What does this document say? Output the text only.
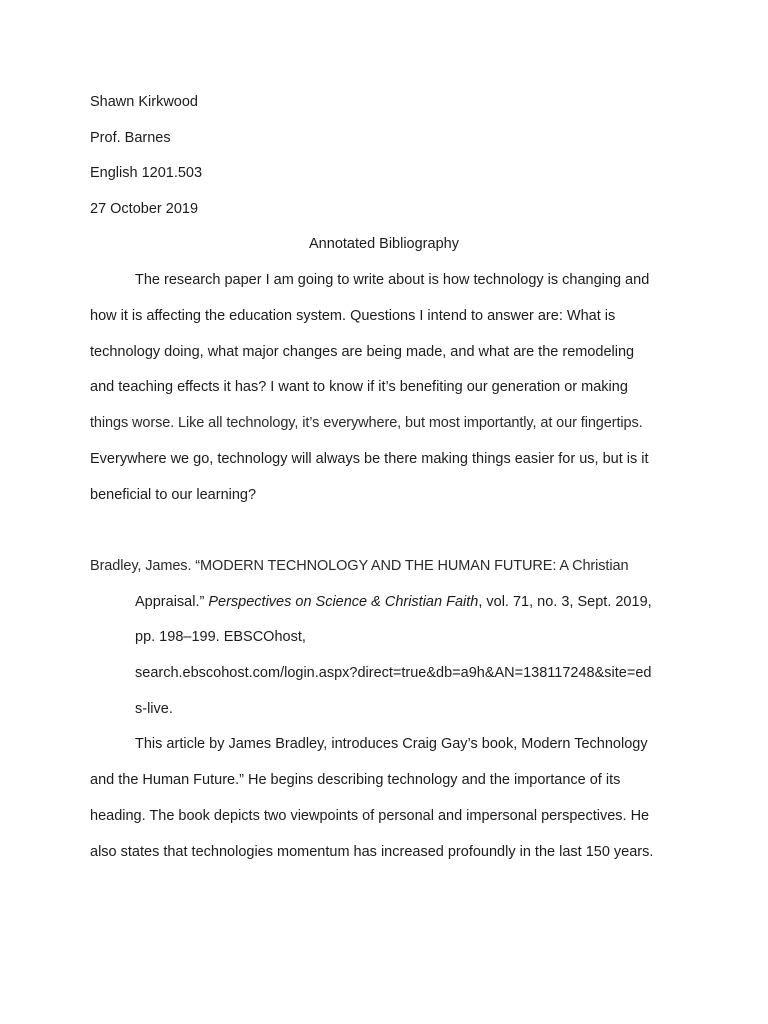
Shawn Kirkwood
Prof. Barnes
English 1201.503
27 October 2019
Annotated Bibliography
The research paper I am going to write about is how technology is changing and
how it is affecting the education system. Questions I intend to answer are: What is
technology doing, what major changes are being made, and what are the remodeling
and teaching effects it has? I want to know if it’s benefiting our generation or making
things worse. Like all technology, it’s everywhere, but most importantly, at our fingertips.
Everywhere we go, technology will always be there making things easier for us, but is it
beneficial to our learning?
Bradley, James. “MODERN TECHNOLOGY AND THE HUMAN FUTURE: A Christian
Appraisal.” Perspectives on Science & Christian Faith, vol. 71, no. 3, Sept. 2019,
pp. 198–199. EBSCOhost,
search.ebscohost.com/login.aspx?direct=true&db=a9h&AN=138117248&site=ed
s-live.
This article by James Bradley, introduces Craig Gay’s book, Modern Technology
and the Human Future.” He begins describing technology and the importance of its
heading. The book depicts two viewpoints of personal and impersonal perspectives. He
also states that technologies momentum has increased profoundly in the last 150 years.
